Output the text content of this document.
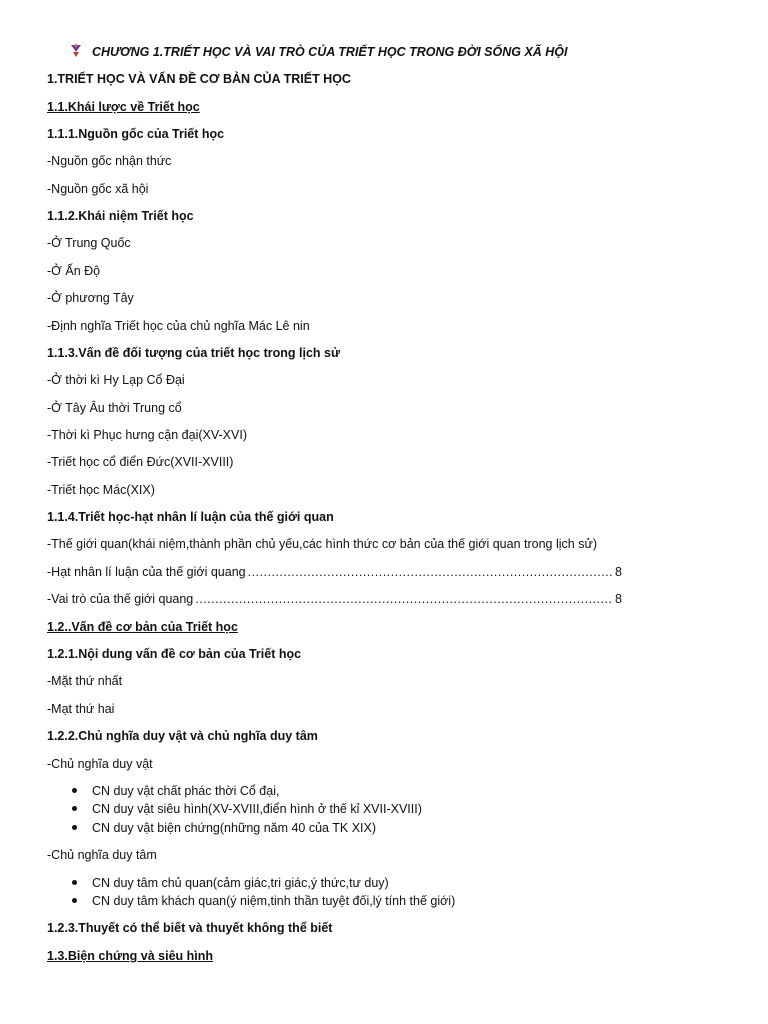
CHƯƠNG 1.TRIẾT HỌC VÀ VAI TRÒ CỦA TRIẾT HỌC TRONG ĐỜI SỐNG XÃ HỘI
1.TRIẾT HỌC VÀ VẤN ĐỀ CƠ BẢN CỦA TRIẾT HỌC
1.1.Khái lược về Triết học
1.1.1.Nguồn gốc của Triết học
-Nguồn gốc nhận thức
-Nguồn gốc xã hội
1.1.2.Khái niệm Triết học
-Ở Trung Quốc
-Ở Ấn Độ
-Ở phương Tây
-Định nghĩa Triết học của chủ nghĩa Mác Lê nin
1.1.3.Vấn đề đối tượng của triết học trong lịch sử
-Ở thời kì Hy Lạp Cổ Đại
-Ở Tây Âu thời Trung cổ
-Thời kì Phục hưng cận đại(XV-XVI)
-Triết học cổ điển Đức(XVII-XVIII)
-Triết học Mác(XIX)
1.1.4.Triết học-hạt nhân lí luận của thế giới quan
-Thế giới quan(khái niệm,thành phần chủ yếu,các hình thức cơ bản của thế giới quan trong lịch sử)
-Hạt nhân lí luận của thế giới quang .....	8
-Vai trò của thế giới quang .....	8
1.2..Vấn đề cơ bản của Triết học
1.2.1.Nội dung vấn đề cơ bản của Triết học
-Mặt thứ nhất
-Mạt thứ hai
1.2.2.Chủ nghĩa duy vật và chủ nghĩa duy tâm
-Chủ nghĩa duy vật
CN duy vật chất phác thời Cổ đại,
CN duy vật siêu hình(XV-XVIII,điển hình ở thế kỉ XVII-XVIII)
CN duy vật biện chứng(những năm 40 của TK XIX)
-Chủ nghĩa duy tâm
CN duy tâm chủ quan(cảm giác,tri giác,ý thức,tư duy)
CN duy tâm khách quan(ý niệm,tinh thần tuyệt đối,lý tính thế giới)
1.2.3.Thuyết có thể biết và thuyết không thể biết
1.3.Biện chứng và siêu hình
